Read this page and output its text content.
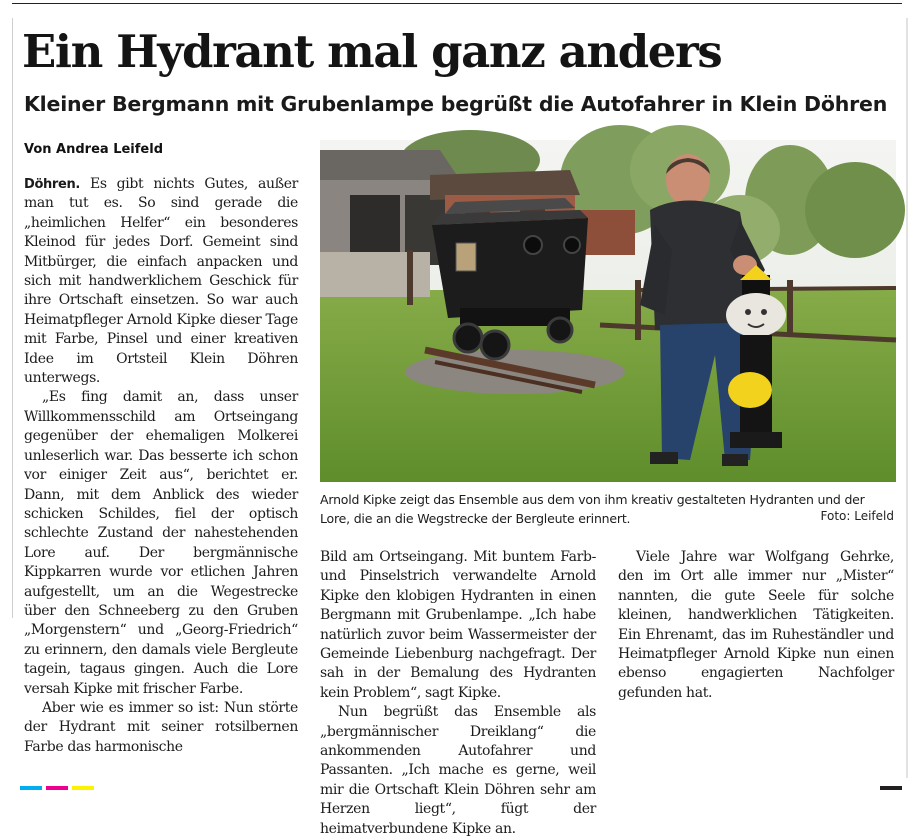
Ein Hydrant mal ganz anders
Kleiner Bergmann mit Grubenlampe begrüßt die Autofahrer in Klein Döhren
Von Andrea Leifeld

Döhren. Es gibt nichts Gutes, außer man tut es. So sind gerade die „heimlichen Helfer“ ein besonderes Kleinod für jedes Dorf. Gemeint sind Mitbürger, die einfach anpacken und sich mit handwerklichem Geschick für ihre Ortschaft einsetzen. So war auch Heimatpfleger Arnold Kipke dieser Tage mit Farbe, Pinsel und einer kreativen Idee im Ortsteil Klein Döhren unterwegs.

„Es fing damit an, dass unser Willkommensschild am Ortseingang gegenüber der ehemaligen Molkerei unleserlich war. Das besserte ich schon vor einiger Zeit aus“, berichtet er. Dann, mit dem Anblick des wieder schicken Schildes, fiel der optisch schlechte Zustand der nahestehenden Lore auf. Der bergmännische Kippkarren wurde vor etlichen Jahren aufgestellt, um an die Wegestrecke über den Schneeberg zu den Gruben „Morgenstern“ und „Georg-Friedrich“ zu erinnern, den damals viele Bergleute tagein, tagaus gingen. Auch die Lore versah Kipke mit frischer Farbe.

Aber wie es immer so ist: Nun störte der Hydrant mit seiner rotsilbernen Farbe das harmonische

Arnold Kipke zeigt das Ensemble aus dem von ihm kreativ gestalteten Hydranten und der Lore, die an die Wegstrecke der Bergleute erinnert.	Foto: Leifeld

Bild am Ortseingang. Mit buntem Farb- und Pinselstrich verwandelte Arnold Kipke den klobigen Hydranten in einen Bergmann mit Grubenlampe. „Ich habe natürlich zuvor beim Wassermeister der Gemeinde Liebenburg nachgefragt. Der sah in der Bemalung des Hydranten kein Problem“, sagt Kipke.

Nun begrüßt das Ensemble als „bergmännischer Dreiklang“ die ankommenden Autofahrer und Passanten. „Ich mache es gerne, weil mir die Ortschaft Klein Döhren sehr am Herzen liegt“, fügt der heimatverbundene Kipke an.

Viele Jahre war Wolfgang Gehrke, den im Ort alle immer nur „Mister“ nannten, die gute Seele für solche kleinen, handwerklichen Tätigkeiten. Ein Ehrenamt, das im Ruheständler und Heimatpfleger Arnold Kipke nun einen ebenso engagierten Nachfolger gefunden hat.
